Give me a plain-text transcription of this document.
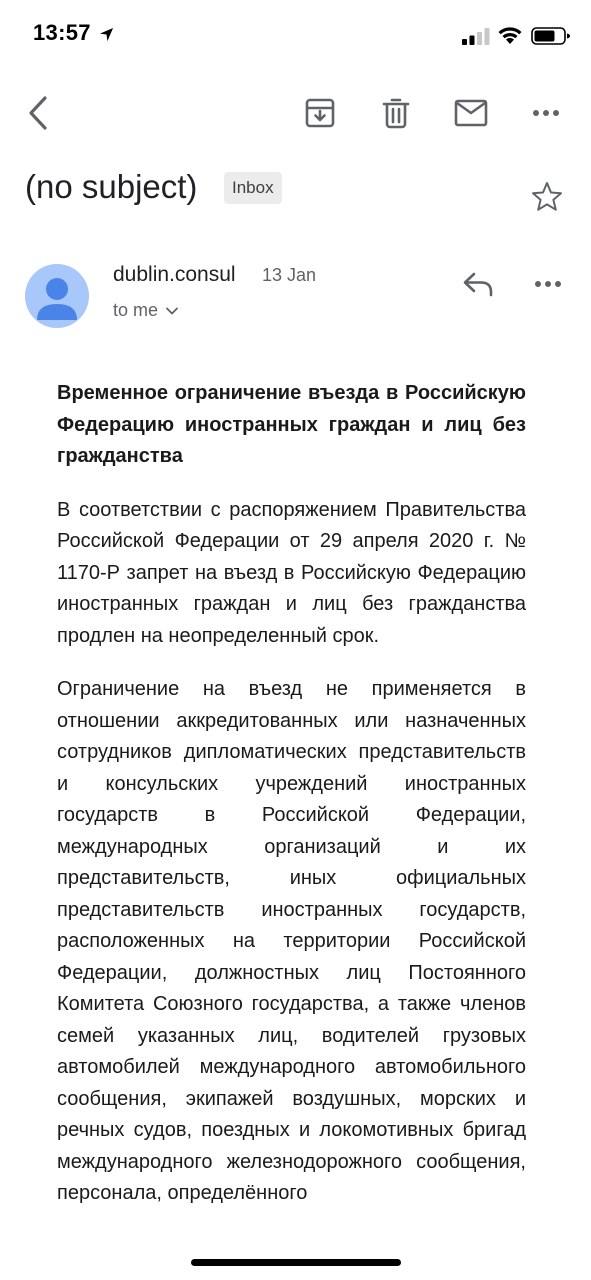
13:57
(no subject)	Inbox
dublin.consul 13 Jan
to me

Временное ограничение въезда в Российскую Федерацию иностранных граждан и лиц без гражданства

В соответствии с распоряжением Правительства Российской Федерации от 29 апреля 2020 г. № 1170-Р запрет на въезд в Российскую Федерацию иностранных граждан и лиц без гражданства продлен на неопределенный срок.

Ограничение на въезд не применяется в отношении аккредитованных или назначенных сотрудников дипломатических представительств и консульских учреждений иностранных государств в Российской Федерации, международных организаций и их представительств, иных официальных представительств иностранных государств, расположенных на территории Российской Федерации, должностных лиц Постоянного Комитета Союзного государства, а также членов семей указанных лиц, водителей грузовых автомобилей международного автомобильного сообщения, экипажей воздушных, морских и речных судов, поездных и локомотивных бригад международного железнодорожного сообщения, персонала, определённого
